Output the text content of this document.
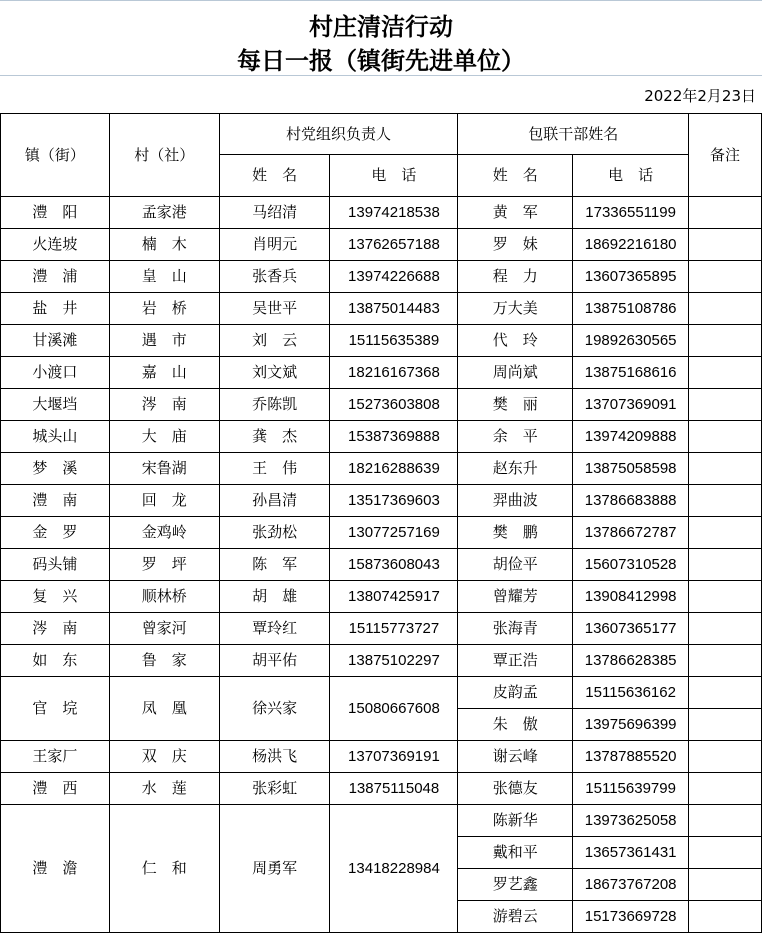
村庄清洁行动
每日一报（镇街先进单位）
2022年2月23日
镇（街）	村（社）	村党组织负责人		包联干部姓名		备注
		姓　名	电　话	姓　名	电　话	
澧　阳	孟家港	马绍清	13974218538	黄　军	17336551199	
火连坡	楠　木	肖明元	13762657188	罗　妹	18692216180	
澧　浦	皇　山	张香兵	13974226688	程　力	13607365895	
盐　井	岩　桥	吴世平	13875014483	万大美	13875108786	
甘溪滩	遇　市	刘　云	15115635389	代　玲	19892630565	
小渡口	嘉　山	刘文斌	18216167368	周尚斌	13875168616	
大堰垱	涔　南	乔陈凯	15273603808	樊　丽	13707369091	
城头山	大　庙	龚　杰	15387369888	余　平	13974209888	
梦　溪	宋鲁湖	王　伟	18216288639	赵东升	13875058598	
澧　南	回　龙	孙昌清	13517369603	羿曲波	13786683888	
金　罗	金鸡岭	张劲松	13077257169	樊　鹏	13786672787	
码头铺	罗　坪	陈　军	15873608043	胡俭平	15607310528	
复　兴	顺林桥	胡　雄	13807425917	曾耀芳	13908412998	
涔　南	曾家河	覃玲红	15115773727	张海青	13607365177	
如　东	鲁　家	胡平佑	13875102297	覃正浩	13786628385	
官　垸	凤　凰	徐兴家	15080667608	皮韵孟	15115636162	
				朱　傲	13975696399	
王家厂	双　庆	杨洪飞	13707369191	谢云峰	13787885520	
澧　西	水　莲	张彩虹	13875115048	张德友	15115639799	
澧　澹	仁　和	周勇军	13418228984	陈新华	13973625058	
				戴和平	13657361431	
				罗艺鑫	18673767208	
				游碧云	15173669728	
